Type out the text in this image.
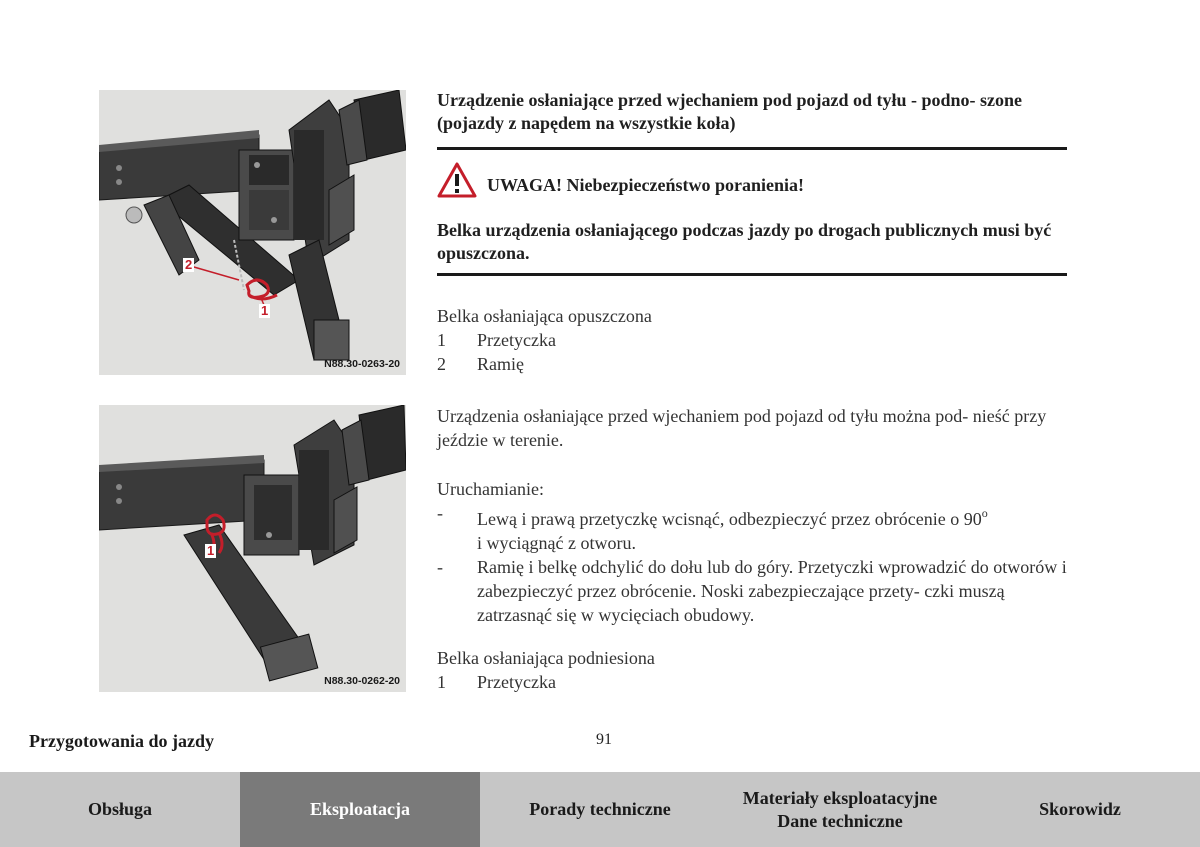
2
1
N88.30-0263-20
1
N88.30-0262-20
Urządzenie osłaniające przed wjechaniem pod pojazd od tyłu - podno- szone (pojazdy z napędem na wszystkie koła)
UWAGA! Niebezpieczeństwo poranienia!
Belka urządzenia osłaniającego podczas jazdy po drogach publicznych musi być opuszczona.
Belka osłaniająca opuszczona
1	Przetyczka
2	Ramię
Urządzenia osłaniające przed wjechaniem pod pojazd od tyłu można pod- nieść przy jeździe w terenie.
Uruchamianie:
-	Lewą i prawą przetyczkę wcisnąć, odbezpieczyć przez obrócenie o 90$^o$
i wyciągnąć z otworu.
-	Ramię i belkę odchylić do dołu lub do góry. Przetyczki wprowadzić do otworów i zabezpieczyć przez obrócenie. Noski zabezpieczające przety- czki muszą zatrzasnąć się w wycięciach obudowy.
Belka osłaniająca podniesiona
1	Przetyczka
Przygotowania do jazdy	91
Obsługa	Eksploatacja	Porady techniczne
Materiały eksploatacyjne
Dane techniczne
Skorowidz
